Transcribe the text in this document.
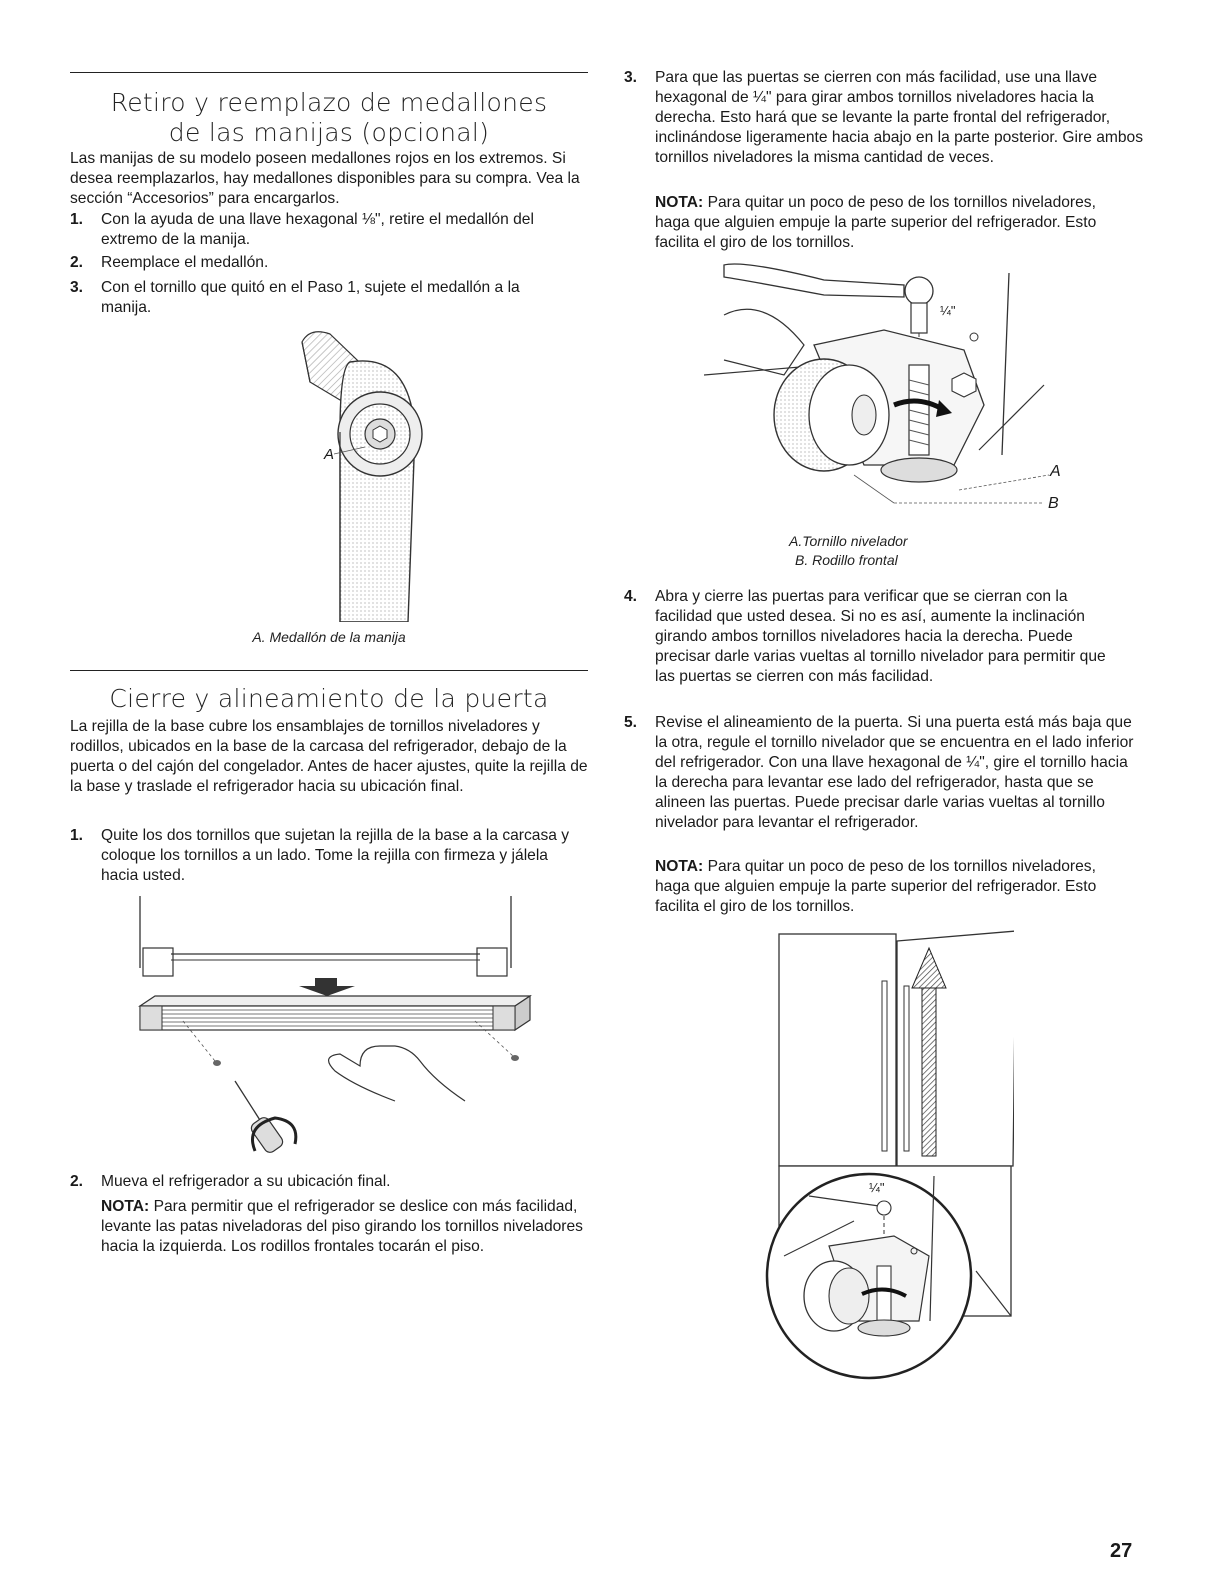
Retiro y reemplazo de medallones
de las manijas (opcional)
Las manijas de su modelo poseen medallones rojos en los extremos. Si desea reemplazarlos, hay medallones disponibles para su compra. Vea la sección “Accesorios” para encargarlos.
1. Con la ayuda de una llave hexagonal ⅛", retire el medallón del extremo de la manija.
2. Reemplace el medallón.
3. Con el tornillo que quitó en el Paso 1, sujete el medallón a la manija.
A
A. Medallón de la manija
Cierre y alineamiento de la puerta
La rejilla de la base cubre los ensamblajes de tornillos niveladores y rodillos, ubicados en la base de la carcasa del refrigerador, debajo de la puerta o del cajón del congelador. Antes de hacer ajustes, quite la rejilla de la base y traslade el refrigerador hacia su ubicación final.
1. Quite los dos tornillos que sujetan la rejilla de la base a la carcasa y coloque los tornillos a un lado. Tome la rejilla con firmeza y jálela hacia usted.
2. Mueva el refrigerador a su ubicación final.
NOTA: Para permitir que el refrigerador se deslice con más facilidad, levante las patas niveladoras del piso girando los tornillos niveladores hacia la izquierda. Los rodillos frontales tocarán el piso.
3. Para que las puertas se cierren con más facilidad, use una llave hexagonal de ¼" para girar ambos tornillos niveladores hacia la derecha. Esto hará que se levante la parte frontal del refrigerador, inclinándose ligeramente hacia abajo en la parte posterior. Gire ambos tornillos niveladores la misma cantidad de veces.
NOTA: Para quitar un poco de peso de los tornillos niveladores, haga que alguien empuje la parte superior del refrigerador. Esto facilita el giro de los tornillos.
¼"
A
B
A.Tornillo nivelador
B. Rodillo frontal
4. Abra y cierre las puertas para verificar que se cierran con la facilidad que usted desea. Si no es así, aumente la inclinación girando ambos tornillos niveladores hacia la derecha. Puede precisar darle varias vueltas al tornillo nivelador para permitir que las puertas se cierren con más facilidad.
5. Revise el alineamiento de la puerta. Si una puerta está más baja que la otra, regule el tornillo nivelador que se encuentra en el lado inferior del refrigerador. Con una llave hexagonal de ¼", gire el tornillo hacia la derecha para levantar ese lado del refrigerador, hasta que se alineen las puertas. Puede precisar darle varias vueltas al tornillo nivelador para levantar el refrigerador.
NOTA: Para quitar un poco de peso de los tornillos niveladores, haga que alguien empuje la parte superior del refrigerador. Esto facilita el giro de los tornillos.
¼"
27
